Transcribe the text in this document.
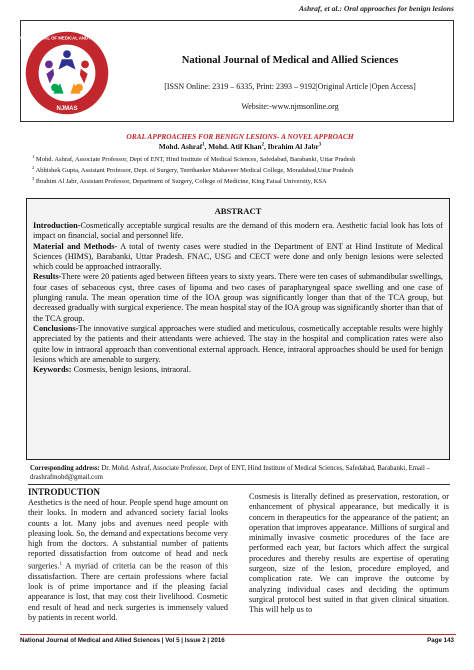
Ashraf, et al.: Oral approaches for benign lesions
NATIONAL JOURNAL OF MEDICAL AND ALLIED SCIENCES
NJMAS
National Journal of Medical and Allied Sciences
[ISSN Online: 2319 – 6335, Print: 2393 – 9192|Original Article |Open Access]
Website:-www.njmsonline.org
ORAL APPROACHES FOR BENIGN LESIONS- A NOVEL APPROACH
Mohd. Ashraf$^1$, Mohd. Atif Khan$^2$, Ibrahim Al Jabr$^3$
$^1$ Mohd. Ashraf, Associate Professor, Dept of ENT, Hind Institute of Medical Sciences, Safedabad, Barabanki, Uttar Pradesh
$^2$ Abhishek Gupta, Assistant Professor, Dept. of Surgery, Teerthanker Mahaveer Medical College, Moradabad,Uttar Pradesh
$^3$ Ibrahim Al Jabr, Assistant Professor, Department of Surgery, College of Medicine, King Faisal University, KSA
ABSTRACT

Introduction-Cosmetically acceptable surgical results are the demand of this modern era. Aesthetic facial look has lots of impact on financial, social and personnel life.

Material and Methods- A total of twenty cases were studied in the Department of ENT at Hind Institute of Medical Sciences (HIMS), Barabanki, Uttar Pradesh. FNAC, USG and CECT were done and only benign lesions were selected which could be approached intraorally.

Results-There were 20 patients aged between fifteen years to sixty years. There were ten cases of submandibular swellings, four cases of sebaceous cyst, three cases of lipoma and two cases of parapharyngeal space swelling and one case of plunging ranula. The mean operation time of the IOA group was significantly longer than that of the TCA group, but decreased gradually with surgical experience. The mean hospital stay of the IOA group was significantly shorter than that of the TCA group.

Conclusions-The innovative surgical approaches were studied and meticulous, cosmetically acceptable results were highly appreciated by the patients and their attendants were achieved. The stay in the hospital and complication rates were also quite low in intraoral approach than conventional external approach. Hence, intraoral approaches should be used for benign lesions which are amenable to surgery.

Keywords: Cosmesis, benign lesions, intraoral.

Corresponding address: Dr. Mohd. Ashraf, Associate Professor, Dept of ENT, Hind Institute of Medical Sciences, Safedabad, Barabanki, Email – drashrafmohd@gmail.com
INTRODUCTION
Aesthetics is the need of hour. People spend huge amount on their looks. In modern and advanced society facial looks counts a lot. Many jobs and avenues need people with pleasing look. So, the demand and expectations become very high from the doctors. A substantial number of patients reported dissatisfaction from outcome of head and neck surgeries.$^1$ A myriad of criteria can be the reason of this dissatisfaction. There are certain professions where facial look is of prime importance and if the pleasing facial appearance is lost, that may cost their livelihood. Cosmetic end result of head and neck surgeries is immensely valued by patients in recent world.
Cosmesis is literally defined as preservation, restoration, or enhancement of physical appearance, but medically it is concern in therapeutics for the appearance of the patient; an operation that improves appearance. Millions of surgical and minimally invasive cosmetic procedures of the face are performed each year, but factors which affect the surgical procedures and thereby results are expertise of operating surgeon, size of the lesion, procedure employed, and complication rate. We can improve the outcome by analyzing individual cases and deciding the optimum surgical protocol best suited in that given clinical situation. This will help us to
National Journal of Medical and Allied Sciences | Vol 5 | Issue 2 | 2016	Page 143
